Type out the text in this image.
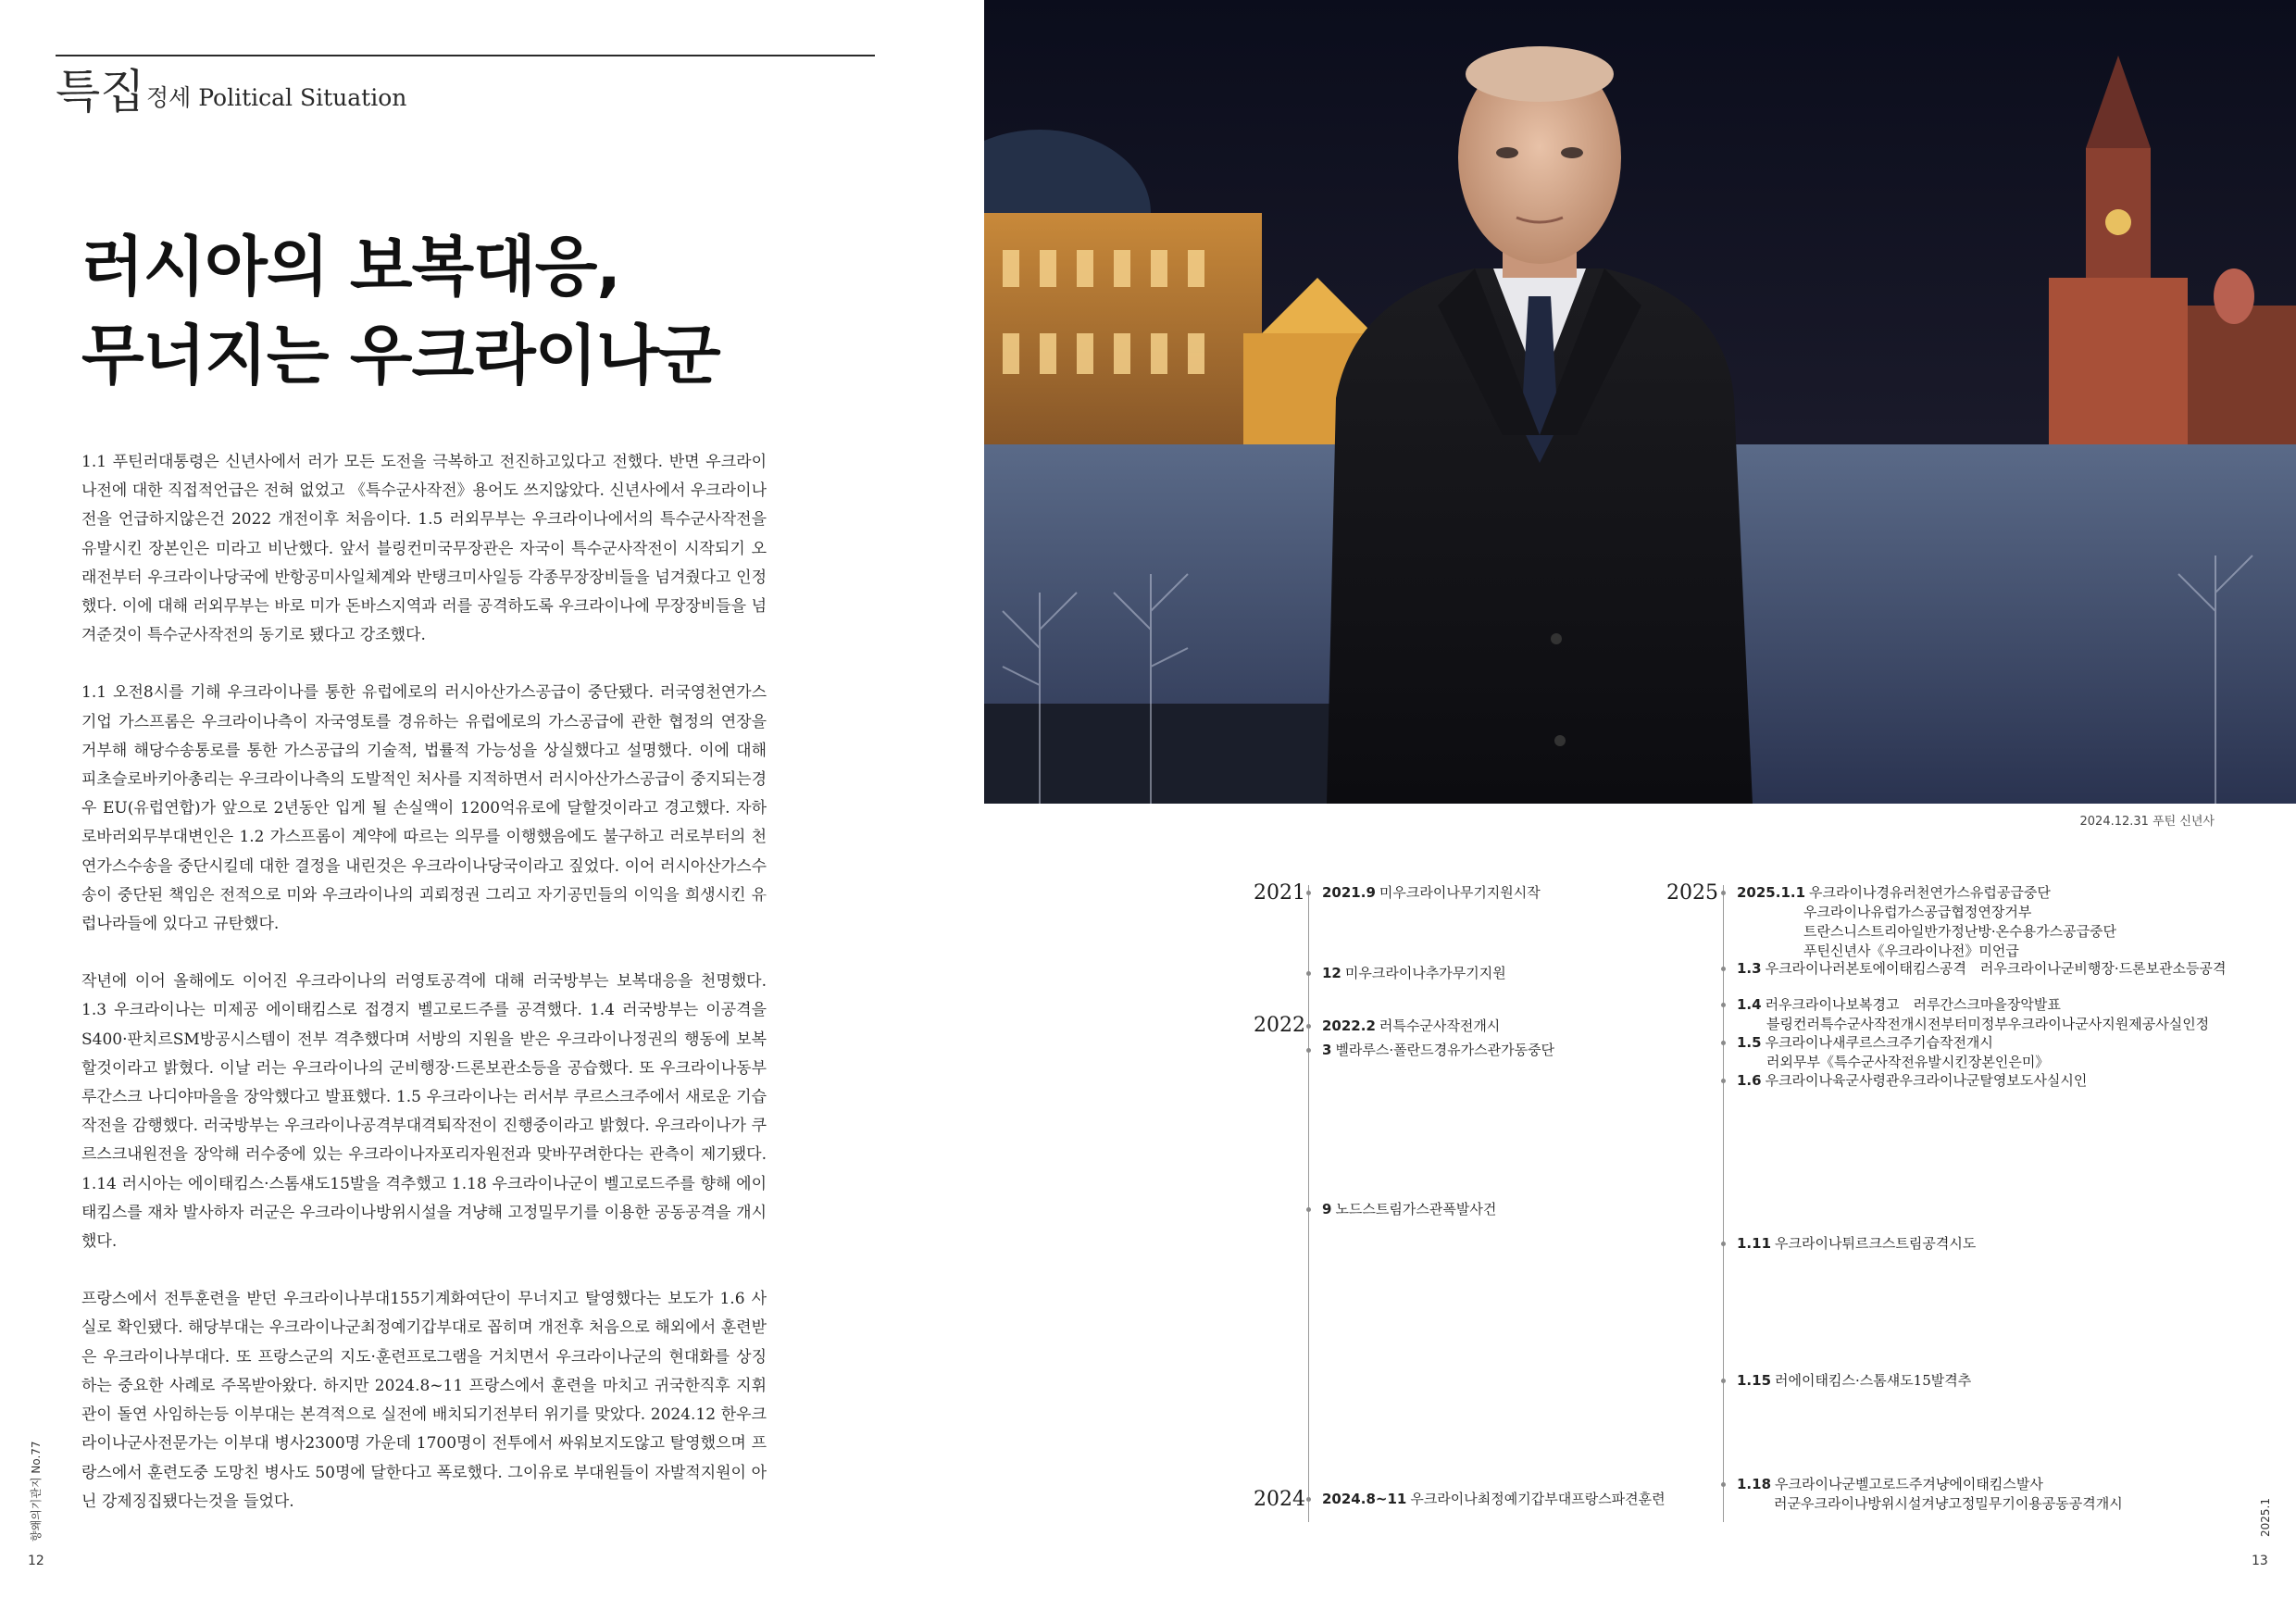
특집 정세 Political Situation
러시아의 보복대응,
무너지는 우크라이나군

1.1 푸틴러대통령은 신년사에서 러가 모든 도전을 극복하고 전진하고있다고 전했다. 반면 우크라이나전에 대한 직접적언급은 전혀 없었고 《특수군사작전》용어도 쓰지않았다. 신년사에서 우크라이나전을 언급하지않은건 2022 개전이후 처음이다. 1.5 러외무부는 우크라이나에서의 특수군사작전을 유발시킨 장본인은 미라고 비난했다. 앞서 블링컨미국무장관은 자국이 특수군사작전이 시작되기 오래전부터 우크라이나당국에 반항공미사일체계와 반탱크미사일등 각종무장장비들을 넘겨줬다고 인정했다. 이에 대해 러외무부는 바로 미가 돈바스지역과 러를 공격하도록 우크라이나에 무장장비들을 넘겨준것이 특수군사작전의 동기로 됐다고 강조했다.

1.1 오전8시를 기해 우크라이나를 통한 유럽에로의 러시아산가스공급이 중단됐다. 러국영천연가스기업 가스프롬은 우크라이나측이 자국영토를 경유하는 유럽에로의 가스공급에 관한 협정의 연장을 거부해 해당수송통로를 통한 가스공급의 기술적, 법률적 가능성을 상실했다고 설명했다. 이에 대해 피초슬로바키아총리는 우크라이나측의 도발적인 처사를 지적하면서 러시아산가스공급이 중지되는경우 EU(유럽연합)가 앞으로 2년동안 입게 될 손실액이 1200억유로에 달할것이라고 경고했다. 자하로바러외무부대변인은 1.2 가스프롬이 계약에 따르는 의무를 이행했음에도 불구하고 러로부터의 천연가스수송을 중단시킬데 대한 결정을 내린것은 우크라이나당국이라고 짚었다. 이어 러시아산가스수송이 중단된 책임은 전적으로 미와 우크라이나의 괴뢰정권 그리고 자기공민들의 이익을 희생시킨 유럽나라들에 있다고 규탄했다.

작년에 이어 올해에도 이어진 우크라이나의 러영토공격에 대해 러국방부는 보복대응을 천명했다. 1.3 우크라이나는 미제공 에이태킴스로 접경지 벨고로드주를 공격했다. 1.4 러국방부는 이공격을 S400·판치르SM방공시스템이 전부 격추했다며 서방의 지원을 받은 우크라이나정권의 행동에 보복할것이라고 밝혔다. 이날 러는 우크라이나의 군비행장·드론보관소등을 공습했다. 또 우크라이나동부 루간스크 나디야마을을 장악했다고 발표했다. 1.5 우크라이나는 러서부 쿠르스크주에서 새로운 기습작전을 감행했다. 러국방부는 우크라이나공격부대격퇴작전이 진행중이라고 밝혔다. 우크라이나가 쿠르스크내원전을 장악해 러수중에 있는 우크라이나자포리자원전과 맞바꾸려한다는 관측이 제기됐다. 1.14 러시아는 에이태킴스·스톰섀도15발을 격추했고 1.18 우크라이나군이 벨고로드주를 향해 에이태킴스를 재차 발사하자 러군은 우크라이나방위시설을 겨냥해 고정밀무기를 이용한 공동공격을 개시했다.

프랑스에서 전투훈련을 받던 우크라이나부대155기계화여단이 무너지고 탈영했다는 보도가 1.6 사실로 확인됐다. 해당부대는 우크라이나군최정예기갑부대로 꼽히며 개전후 처음으로 해외에서 훈련받은 우크라이나부대다. 또 프랑스군의 지도·훈련프로그램을 거치면서 우크라이나군의 현대화를 상징하는 중요한 사례로 주목받아왔다. 하지만 2024.8~11 프랑스에서 훈련을 마치고 귀국한직후 지휘관이 돌연 사임하는등 이부대는 본격적으로 실전에 배치되기전부터 위기를 맞았다. 2024.12 한우크라이나군사전문가는 이부대 병사2300명 가운데 1700명이 전투에서 싸워보지도않고 탈영했으며 프랑스에서 훈련도중 도망친 병사도 50명에 달한다고 폭로했다. 그이유로 부대원들이 자발적지원이 아닌 강제징집됐다는것을 들었다.

향왜의기관지 No.77
12
2024.12.31 푸틴 신년사
2021 2021.9 미우크라이나무기지원시작
12 미우크라이나추가무기지원
2022 2022.2 러특수군사작전개시
3 벨라루스·폴란드경유가스관가동중단
9 노드스트림가스관폭발사건
2024 2024.8~11 우크라이나최정예기갑부대프랑스파견훈련
2025 2025.1.1 우크라이나경유러천연가스유럽공급중단
우크라이나유럽가스공급협정연장거부
트란스니스트리아일반가정난방·온수용가스공급중단
푸틴신년사《우크라이나전》미언급
1.3 우크라이나러본토에이태킴스공격　러우크라이나군비행장·드론보관소등공격
1.4 러우크라이나보복경고　러루간스크마을장악발표
블링컨러특수군사작전개시전부터미정부우크라이나군사지원제공사실인정
1.5 우크라이나새쿠르스크주기습작전개시
러외무부《특수군사작전유발시킨장본인은미》
1.6 우크라이나육군사령관우크라이나군탈영보도사실시인
1.11 우크라이나튀르크스트림공격시도
1.15 러에이태킴스·스톰섀도15발격추
1.18 우크라이나군벨고로드주겨냥에이태킴스발사
러군우크라이나방위시설겨냥고정밀무기이용공동공격개시	2025.1
13
